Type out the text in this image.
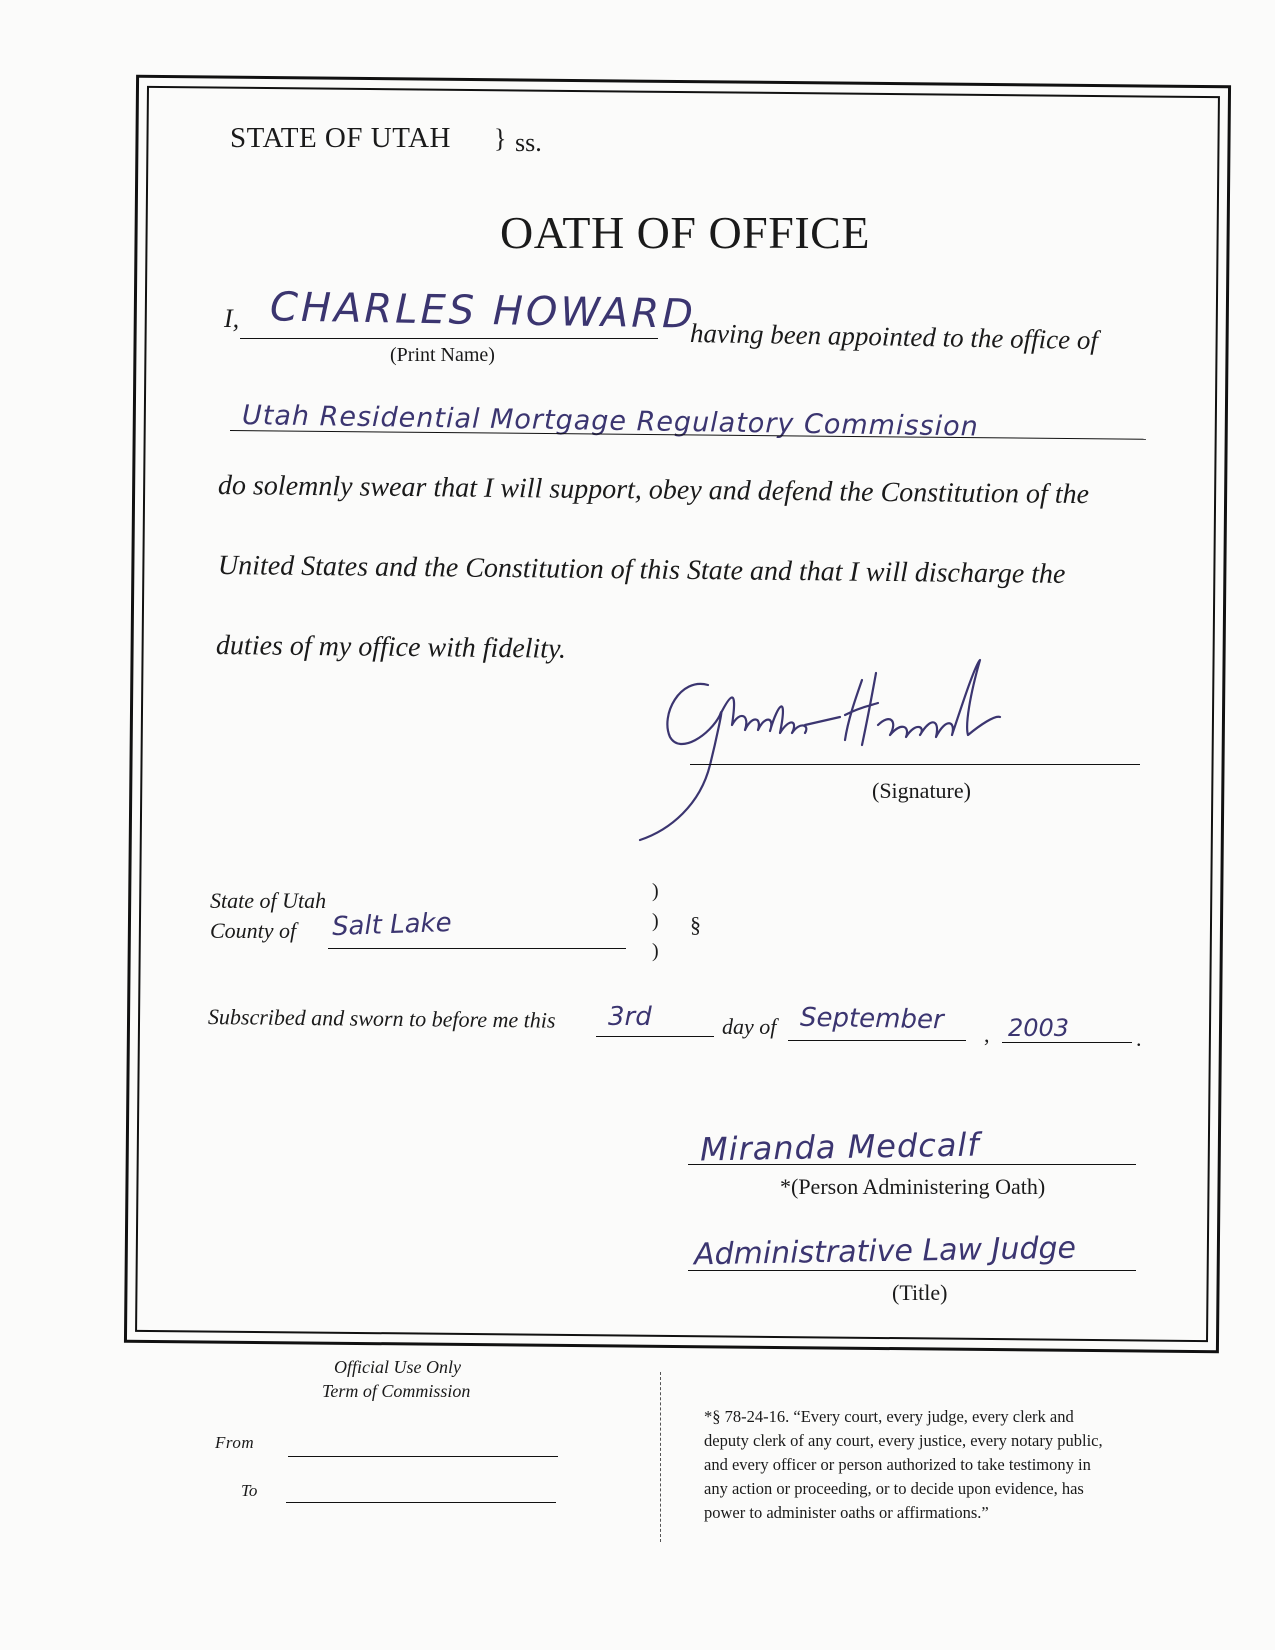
STATE OF UTAH } ss.
OATH OF OFFICE
I, CHARLES HOWARD
(Print Name)	having been appointed to the office of
Utah Residential Mortgage Regulatory Commission
do solemnly swear that I will support, obey and defend the Constitution of the
United States and the Constitution of this State and that I will discharge the
duties of my office with fidelity.
(Signature)
State of Utah
County of Salt Lake
)
)
)
§
Subscribed and sworn to before me this 3rd	day of September , 2003	.
Miranda Medcalf
*(Person Administering Oath)
Administrative Law Judge
(Title)
Official Use Only
Term of Commission
From
To
*§ 78-24-16. “Every court, every judge, every clerk and
deputy clerk of any court, every justice, every notary public,
and every officer or person authorized to take testimony in
any action or proceeding, or to decide upon evidence, has
power to administer oaths or affirmations.”
